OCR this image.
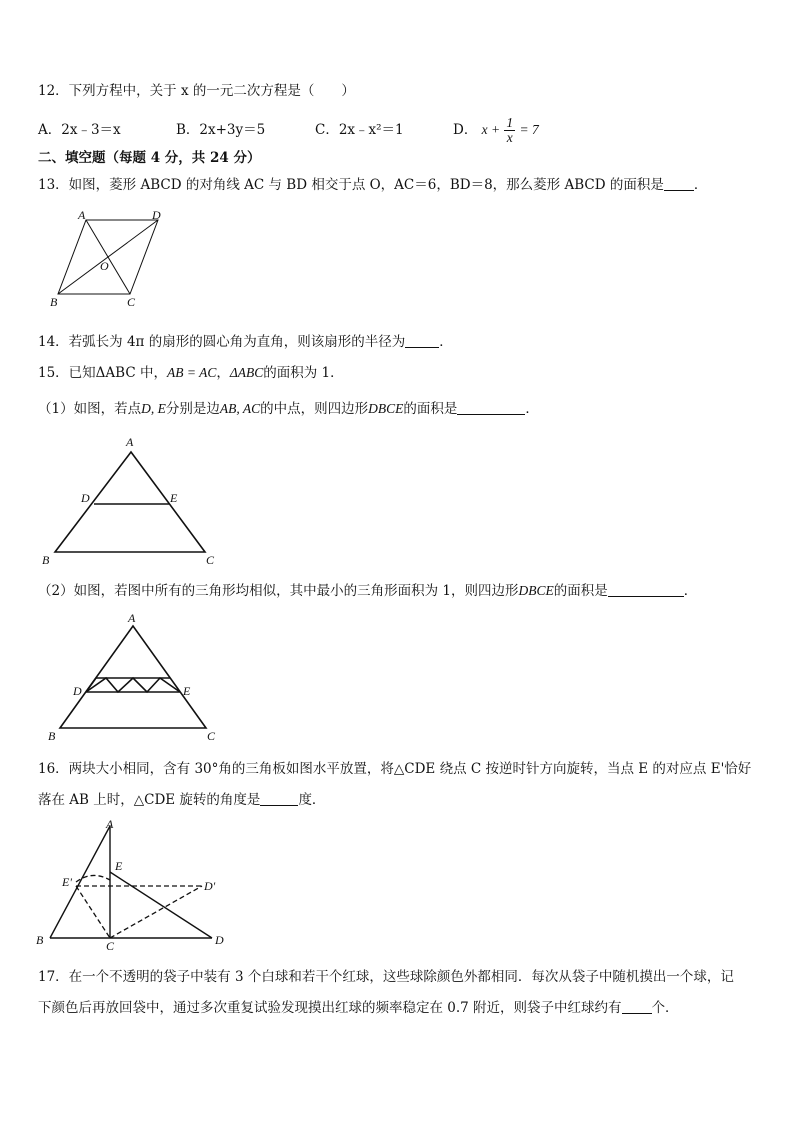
12．下列方程中，关于 x 的一元二次方程是（　　）
A．2x﹣3＝x	B．2x+3y＝5	C．2x﹣x²＝1	D． $x + \frac{1}{x} = 7$
二、填空题（每题 4 分，共 24 分）
13．如图，菱形 ABCD 的对角线 AC 与 BD 相交于点 O，AC＝6，BD＝8，那么菱形 ABCD 的面积是 ．
A	D
O
B	C
14．若弧长为 4π 的扇形的圆心角为直角，则该扇形的半径为	．
15．已知ΔABC 中，AB = AC，ΔABC的面积为 1．
（1）如图，若点D, E分别是边AB, AC的中点，则四边形DBCE的面积是	．
A
D	E
B	C
（2）如图，若图中所有的三角形均相似，其中最小的三角形面积为 1，则四边形DBCE的面积是	．
A
D	E
B	C
16．两块大小相同，含有 30°角的三角板如图水平放置，将△CDE 绕点 C 按逆时针方向旋转，当点 E 的对应点 E'恰好
落在 AB 上时，△CDE 旋转的角度是	度．
A
E
E'	D'
B	C	D
17．在一个不透明的袋子中装有 3 个白球和若干个红球，这些球除颜色外都相同．每次从袋子中随机摸出一个球，记
下颜色后再放回袋中，通过多次重复试验发现摸出红球的频率稳定在 0.7 附近，则袋子中红球约有 个．
